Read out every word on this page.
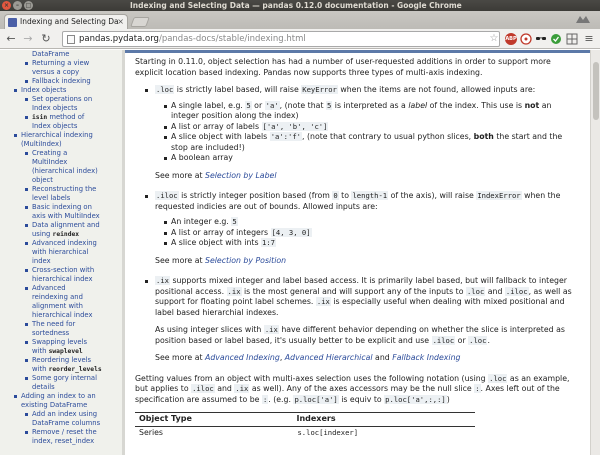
×	–	□	Indexing and Selecting Data — pandas 0.12.0 documentation - Google Chrome
Indexing and Selecting Da
×
← → ↻	pandas.pydata.org/pandas-docs/stable/indexing.html	☆	ABP	≡
DataFrame
Returning a view
versus a copy
Fallback indexing
Index objects
Set operations on
Index objects
isin method of
Index objects
Hierarchical indexing
(MultiIndex)
Creating a
MultiIndex
(hierarchical index)
object
Reconstructing the
level labels
Basic indexing on
axis with MultiIndex
Data alignment and
using reindex
Advanced indexing
with hierarchical
index
Cross-section with
hierarchical index
Advanced
reindexing and
alignment with
hierarchical index
The need for
sortedness
Swapping levels
with swaplevel
Reordering levels
with reorder_levels
Some gory internal
details
Adding an index to an
existing DataFrame
Add an index using
DataFrame columns
Remove / reset the
index, reset_index

Starting in 0.11.0, object selection has had a number of user-requested additions in order to support more explicit location based indexing. Pandas now supports three types of multi-axis indexing.

.loc is strictly label based, will raise KeyError when the items are not found, allowed inputs are:
A single label, e.g. 5 or 'a', (note that 5 is interpreted as a label of the index. This use is not an integer position along the index)
A list or array of labels ['a', 'b', 'c']
A slice object with labels 'a':'f', (note that contrary to usual python slices, both the start and the stop are included!)
A boolean array
See more at Selection by Label
.iloc is strictly integer position based (from 0 to length-1 of the axis), will raise IndexError when the requested indicies are out of bounds. Allowed inputs are:
An integer e.g. 5
A list or array of integers [4, 3, 0]
A slice object with ints 1:7
See more at Selection by Position
.ix supports mixed integer and label based access. It is primarily label based, but will fallback to integer positional access. .ix is the most general and will support any of the inputs to .loc and .iloc, as well as support for floating point label schemes. .ix is especially useful when dealing with mixed positional and label based hierarchial indexes.
As using integer slices with .ix have different behavior depending on whether the slice is interpreted as position based or label based, it's usually better to be explicit and use .iloc or .loc.
See more at Advanced Indexing, Advanced Hierarchical and Fallback Indexing

Getting values from an object with multi-axes selection uses the following notation (using .loc as an example, but applies to .iloc and .ix as well). Any of the axes accessors may be the null slice :. Axes left out of the specification are assumed to be :. (e.g. p.loc['a'] is equiv to p.loc['a',:,:])

Object Type	Indexers
Series	s.loc[indexer]
